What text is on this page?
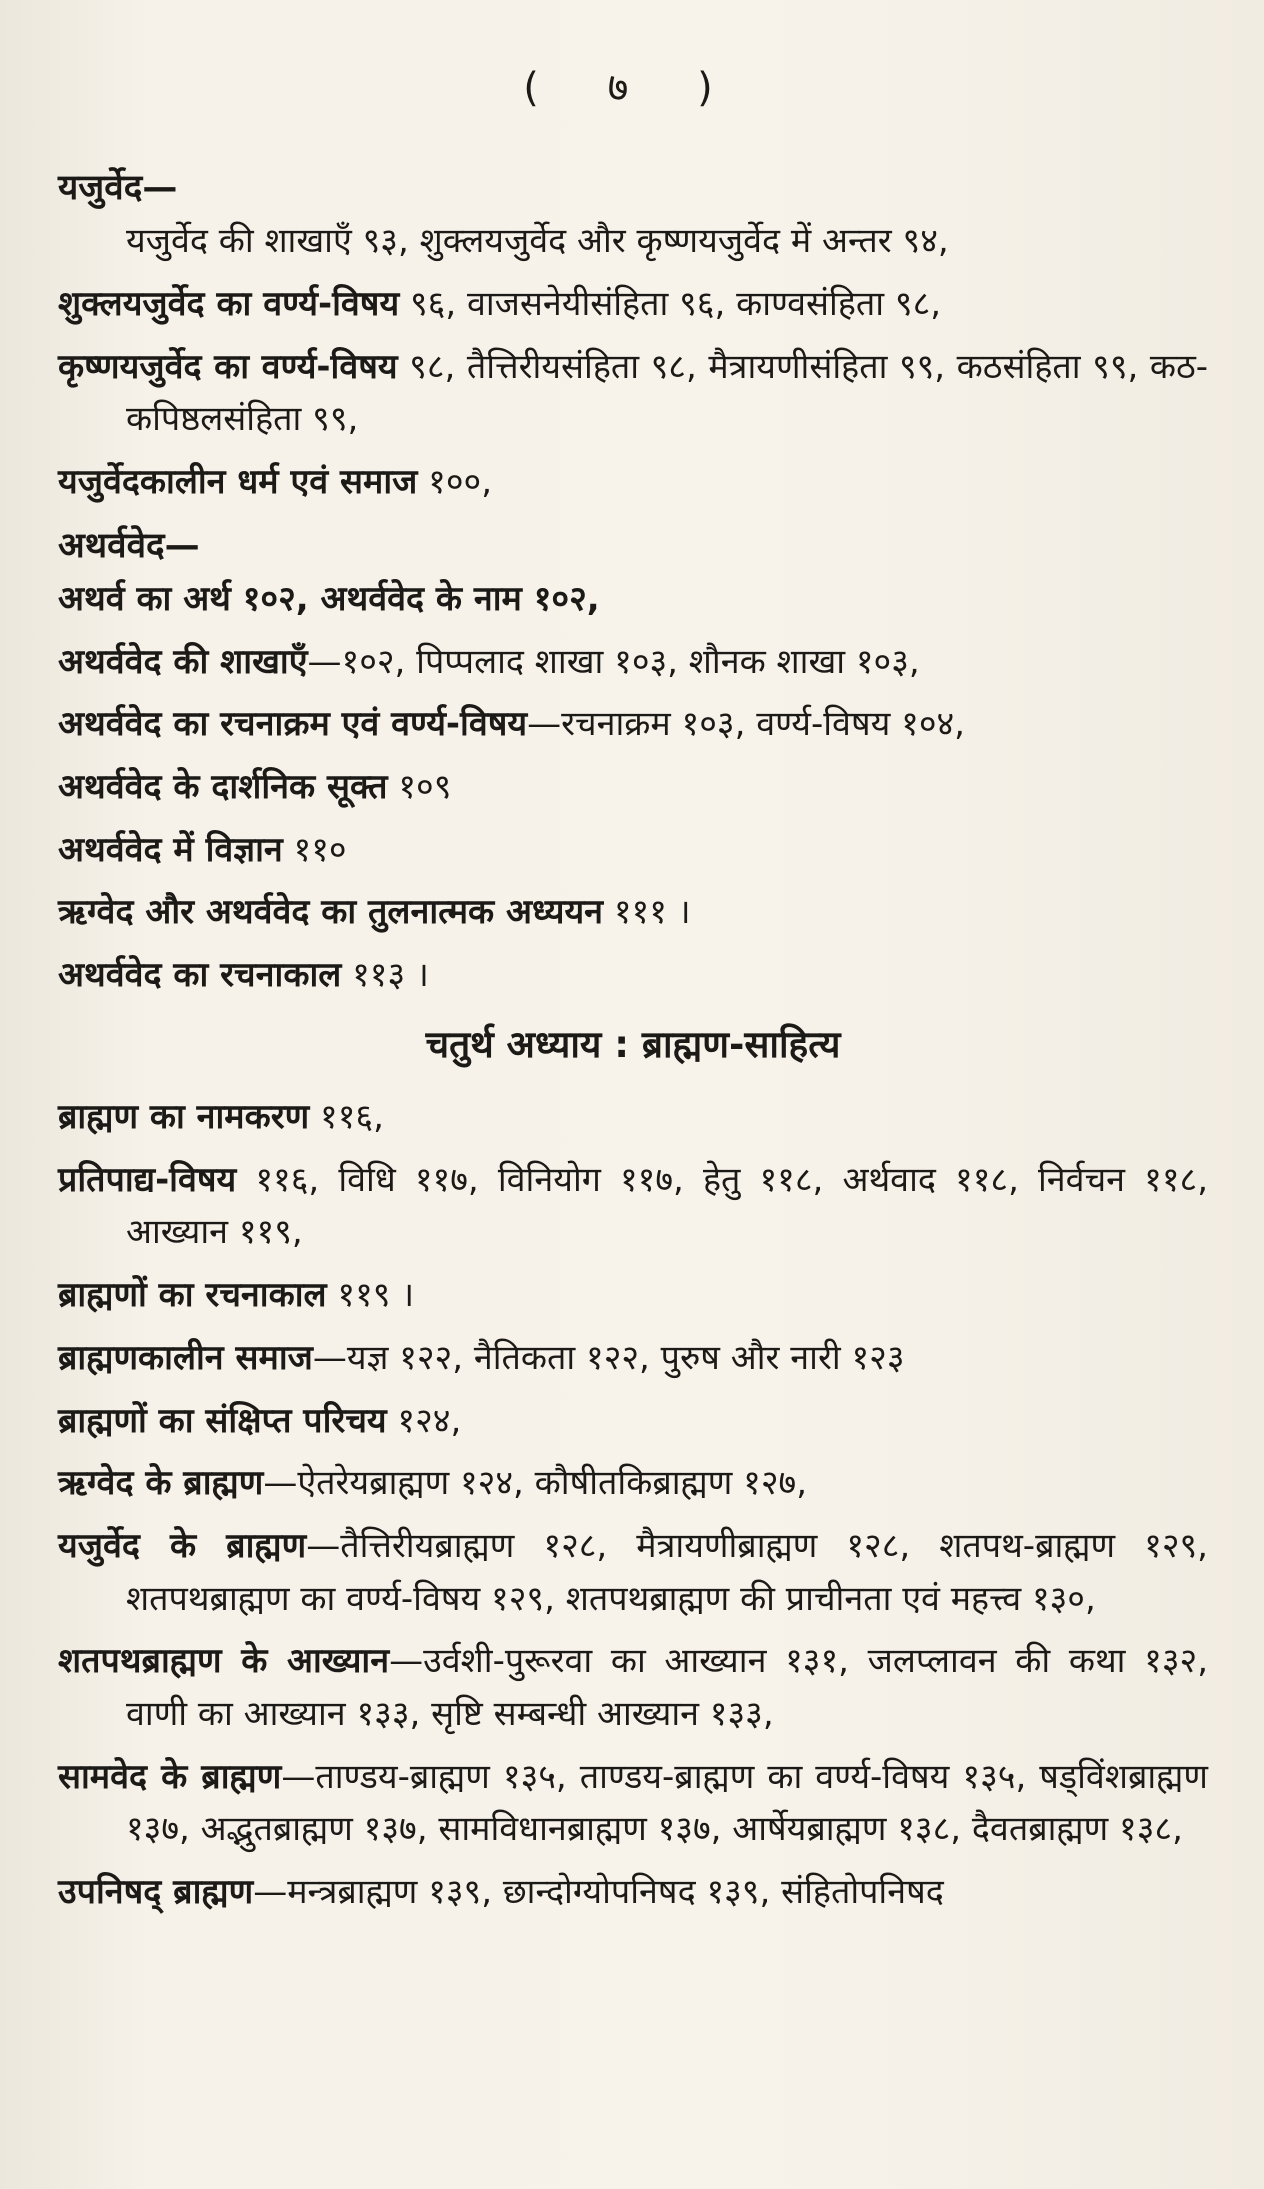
( ७ )
यजुर्वेद—
यजुर्वेद की शाखाएँ ९३, शुक्लयजुर्वेद और कृष्णयजुर्वेद में अन्तर ९४,
शुक्लयजुर्वेद का वर्ण्य-विषय ९६, वाजसनेयीसंहिता ९६, काण्वसंहिता ९८,
कृष्णयजुर्वेद का वर्ण्य-विषय ९८, तैत्तिरीयसंहिता ९८, मैत्रायणीसंहिता ९९, कठसंहिता ९९, कठ-कपिष्ठलसंहिता ९९,
यजुर्वेदकालीन धर्म एवं समाज १००,
अथर्ववेद—
अथर्व का अर्थ १०२, अथर्ववेद के नाम १०२,
अथर्ववेद की शाखाएँ—१०२, पिप्पलाद शाखा १०३, शौनक शाखा १०३,
अथर्ववेद का रचनाक्रम एवं वर्ण्य-विषय—रचनाक्रम १०३, वर्ण्य-विषय १०४,
अथर्ववेद के दार्शनिक सूक्त १०९
अथर्ववेद में विज्ञान ११०
ऋग्वेद और अथर्ववेद का तुलनात्मक अध्ययन १११ ।
अथर्ववेद का रचनाकाल ११३ ।
चतुर्थ अध्याय : ब्राह्मण-साहित्य
ब्राह्मण का नामकरण ११६,
प्रतिपाद्य-विषय ११६, विधि ११७, विनियोग ११७, हेतु ११८, अर्थवाद ११८, निर्वचन ११८, आख्यान ११९,
ब्राह्मणों का रचनाकाल ११९ ।
ब्राह्मणकालीन समाज—यज्ञ १२२, नैतिकता १२२, पुरुष और नारी १२३
ब्राह्मणों का संक्षिप्त परिचय १२४,
ऋग्वेद के ब्राह्मण—ऐतरेयब्राह्मण १२४, कौषीतकिब्राह्मण १२७,
यजुर्वेद के ब्राह्मण—तैत्तिरीयब्राह्मण १२८, मैत्रायणीब्राह्मण १२८, शतपथ-ब्राह्मण १२९, शतपथब्राह्मण का वर्ण्य-विषय १२९, शतपथब्राह्मण की प्राचीनता एवं महत्त्व १३०,
शतपथब्राह्मण के आख्यान—उर्वशी-पुरूरवा का आख्यान १३१, जलप्लावन की कथा १३२, वाणी का आख्यान १३३, सृष्टि सम्बन्धी आख्यान १३३,
सामवेद के ब्राह्मण—ताण्डय-ब्राह्मण १३५, ताण्डय-ब्राह्मण का वर्ण्य-विषय १३५, षड्विंशब्राह्मण १३७, अद्भुतब्राह्मण १३७, सामविधानब्राह्मण १३७, आर्षेयब्राह्मण १३८, दैवतब्राह्मण १३८,
उपनिषद् ब्राह्मण—मन्त्रब्राह्मण १३९, छान्दोग्योपनिषद १३९, संहितोपनिषद
